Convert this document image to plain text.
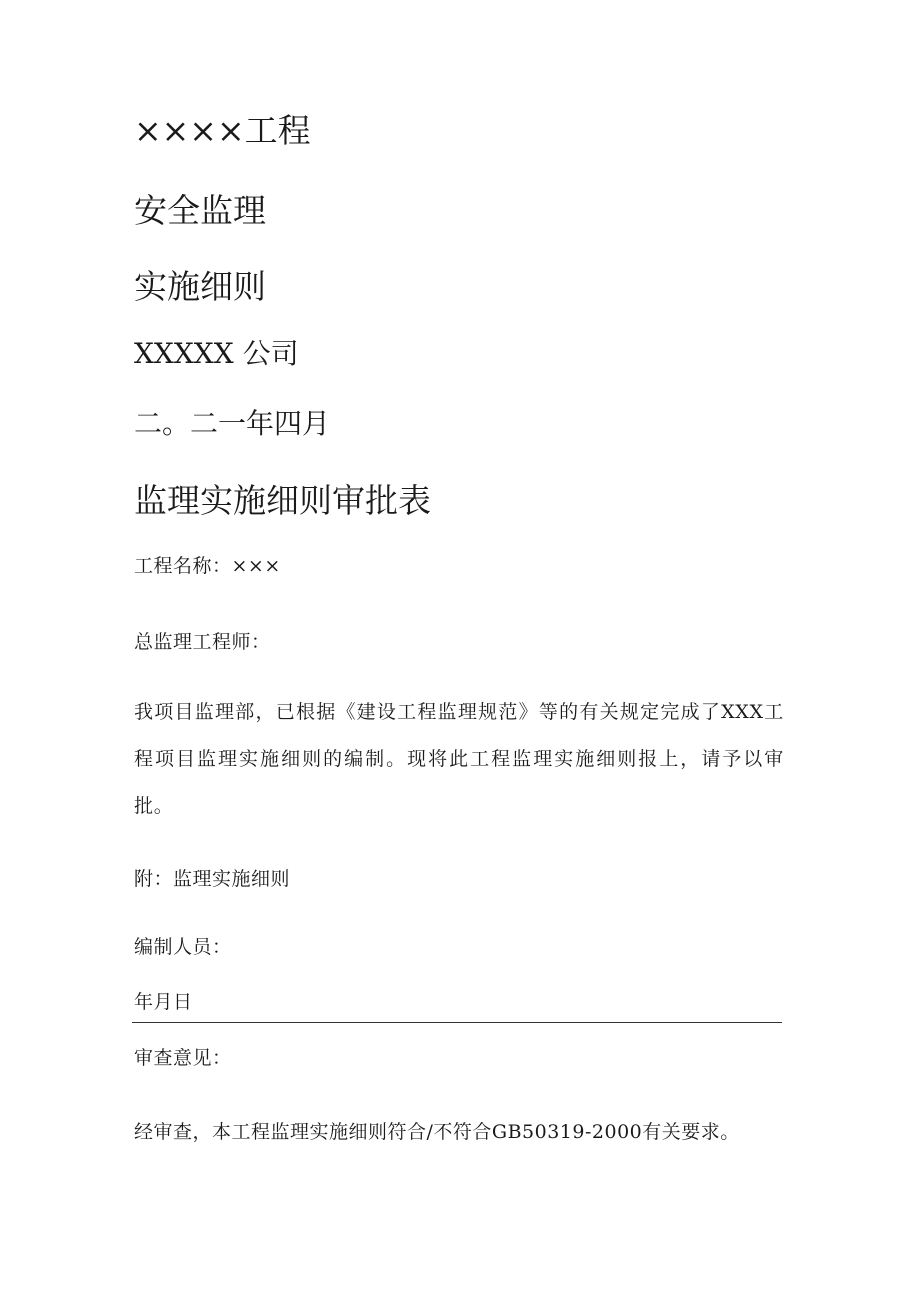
××××工程
安全监理
实施细则

XXXXX 公司

二。二一年四月

监理实施细则审批表

工程名称：×××

总监理工程师：

我项目监理部，已根据《建设工程监理规范》等的有关规定完成了XXX工程项目监理实施细则的编制。现将此工程监理实施细则报上，请予以审批。

附：监理实施细则

编制人员：

年月日

审查意见：

经审查，本工程监理实施细则符合/不符合GB50319-2000有关要求。
